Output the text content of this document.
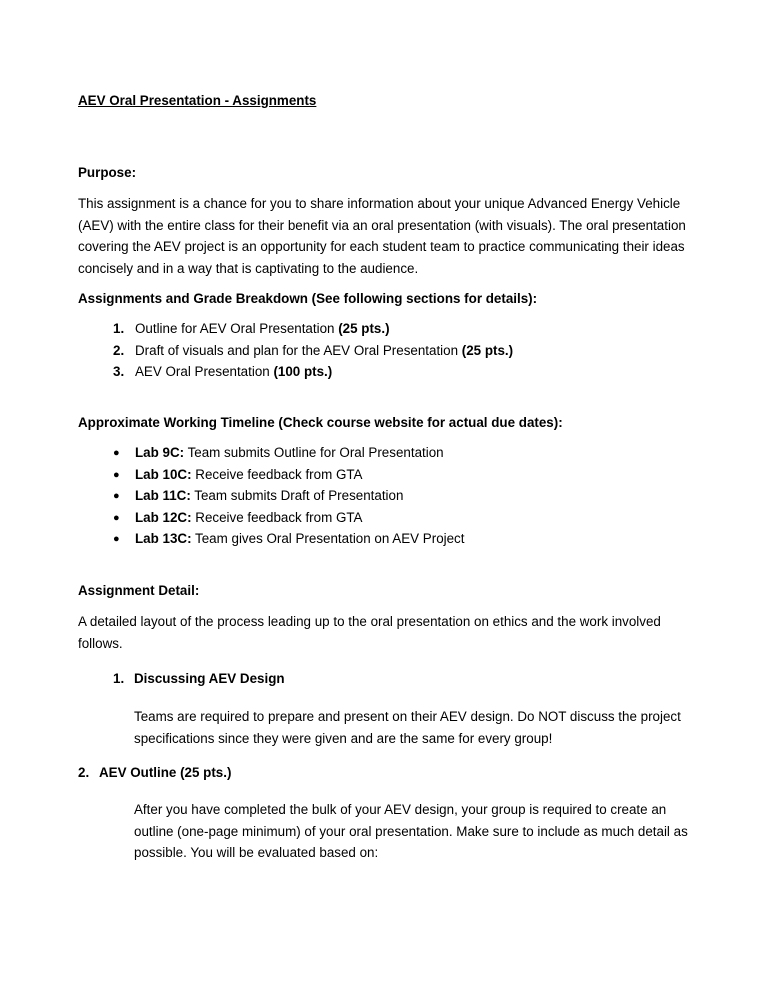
AEV Oral Presentation - Assignments

Purpose:

This assignment is a chance for you to share information about your unique Advanced Energy Vehicle

(AEV) with the entire class for their benefit via an oral presentation (with visuals). The oral presentation

covering the AEV project is an opportunity for each student team to practice communicating their ideas

concisely and in a way that is captivating to the audience.

Assignments and Grade Breakdown (See following sections for details):

1. Outline for AEV Oral Presentation (25 pts.)

2. Draft of visuals and plan for the AEV Oral Presentation (25 pts.)

3. AEV Oral Presentation (100 pts.)

Approximate Working Timeline (Check course website for actual due dates):

● Lab 9C: Team submits Outline for Oral Presentation

● Lab 10C: Receive feedback from GTA

● Lab 11C: Team submits Draft of Presentation

● Lab 12C: Receive feedback from GTA

● Lab 13C: Team gives Oral Presentation on AEV Project

Assignment Detail:

A detailed layout of the process leading up to the oral presentation on ethics and the work involved

follows.

1. Discussing AEV Design

Teams are required to prepare and present on their AEV design. Do NOT discuss the project

specifications since they were given and are the same for every group!

2. AEV Outline (25 pts.)

After you have completed the bulk of your AEV design, your group is required to create an

outline (one-page minimum) of your oral presentation. Make sure to include as much detail as

possible. You will be evaluated based on:
